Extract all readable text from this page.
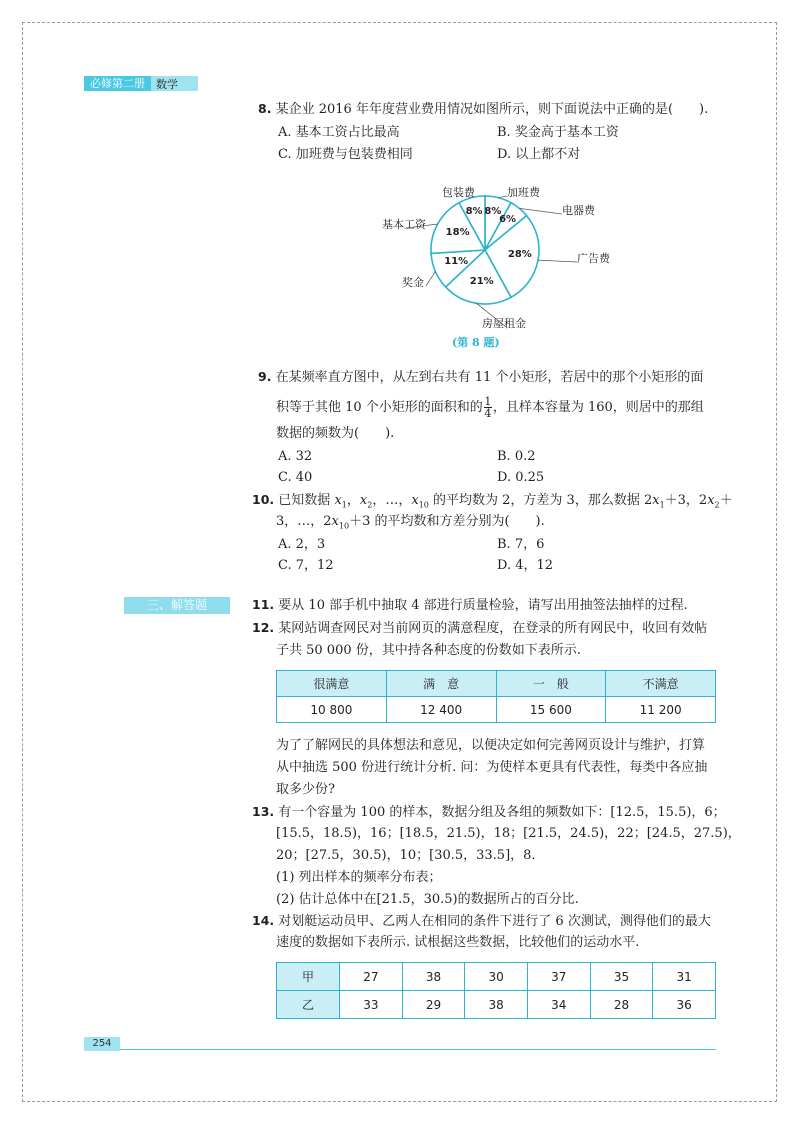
必修第二册	数学
8. 某企业 2016 年年度营业费用情况如图所示，则下面说法中正确的是(　　).
A. 基本工资占比最高	B. 奖金高于基本工资
C. 加班费与包装费相同	D. 以上都不对
8%
加班费
6%
电器费
28%	广告费
21%
房屋租金
11%
奖金
18%
基本工资
8%
包装费
(第 8 题)
9. 在某频率直方图中，从左到右共有 11 个小矩形，若居中的那个小矩形的面
积等于其他 10 个小矩形的面积和的 $\frac{1}{4}$ ，且样本容量为 160，则居中的那组
数据的频数为(　　).
A. 32	B. 0.2
C. 40	D. 0.25
10. 已知数据 $x_1$，$x_2$，…，$x_{10}$ 的平均数为 2，方差为 3，那么数据 $2x_1+3$，$2x_2+$
3，…，$2x_{10}+3$ 的平均数和方差分别为(　　).
A. 2，3	B. 7，6
C. 7，12	D. 4，12
三、解答题	11. 要从 10 部手机中抽取 4 部进行质量检验，请写出用抽签法抽样的过程.
12. 某网站调查网民对当前网页的满意程度，在登录的所有网民中，收回有效帖
子共 50 000 份，其中持各种态度的份数如下表所示.
很满意	满　意	一　般	不满意
10 800	12 400	15 600	11 200
为了了解网民的具体想法和意见，以便决定如何完善网页设计与维护，打算
从中抽选 500 份进行统计分析. 问：为使样本更具有代表性，每类中各应抽
取多少份?
13. 有一个容量为 100 的样本，数据分组及各组的频数如下：[12.5，15.5)，6；
[15.5，18.5)，16；[18.5，21.5)，18；[21.5，24.5)，22；[24.5，27.5)，
20；[27.5，30.5)，10；[30.5，33.5]，8.
(1) 列出样本的频率分布表；
(2) 估计总体中在[21.5，30.5)的数据所占的百分比.
14. 对划艇运动员甲、乙两人在相同的条件下进行了 6 次测试，测得他们的最大
速度的数据如下表所示. 试根据这些数据，比较他们的运动水平.
甲	27	38	30	37	35	31
乙	33	29	38	34	28	36
254
